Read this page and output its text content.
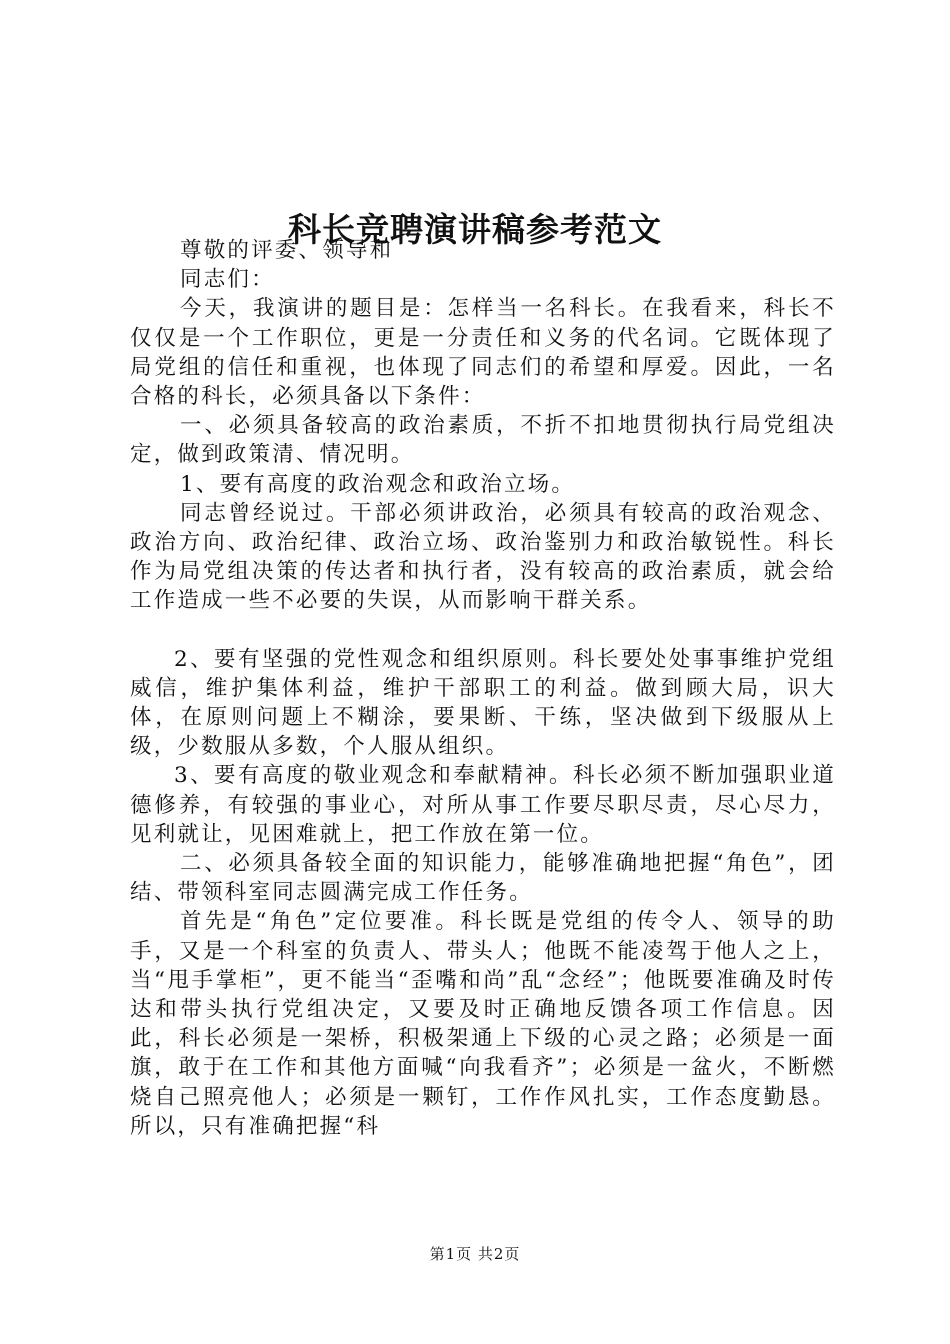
科长竞聘演讲稿参考范文

尊敬的评委、领导和

同志们：

今天，我演讲的题目是：怎样当一名科长。在我看来，科长不仅仅是一个工作职位，更是一分责任和义务的代名词。它既体现了局党组的信任和重视，也体现了同志们的希望和厚爱。因此，一名合格的科长，必须具备以下条件：

一、必须具备较高的政治素质，不折不扣地贯彻执行局党组决定，做到政策清、情况明。

1、要有高度的政治观念和政治立场。

同志曾经说过。干部必须讲政治，必须具有较高的政治观念、政治方向、政治纪律、政治立场、政治鉴别力和政治敏锐性。科长作为局党组决策的传达者和执行者，没有较高的政治素质，就会给工作造成一些不必要的失误，从而影响干群关系。

2、要有坚强的党性观念和组织原则。科长要处处事事维护党组威信，维护集体利益，维护干部职工的利益。做到顾大局，识大体，在原则问题上不糊涂，要果断、干练，坚决做到下级服从上级，少数服从多数，个人服从组织。

3、要有高度的敬业观念和奉献精神。科长必须不断加强职业道德修养，有较强的事业心，对所从事工作要尽职尽责，尽心尽力，见利就让，见困难就上，把工作放在第一位。

二、必须具备较全面的知识能力，能够准确地把握“角色”，团结、带领科室同志圆满完成工作任务。

首先是“角色”定位要准。科长既是党组的传令人、领导的助手，又是一个科室的负责人、带头人；他既不能凌驾于他人之上，当“甩手掌柜”，更不能当“歪嘴和尚”乱“念经”；他既要准确及时传达和带头执行党组决定，又要及时正确地反馈各项工作信息。因此，科长必须是一架桥，积极架通上下级的心灵之路；必须是一面旗，敢于在工作和其他方面喊“向我看齐”；必须是一盆火，不断燃烧自己照亮他人；必须是一颗钉，工作作风扎实，工作态度勤恳。所以，只有准确把握“科

第1页 共2页
